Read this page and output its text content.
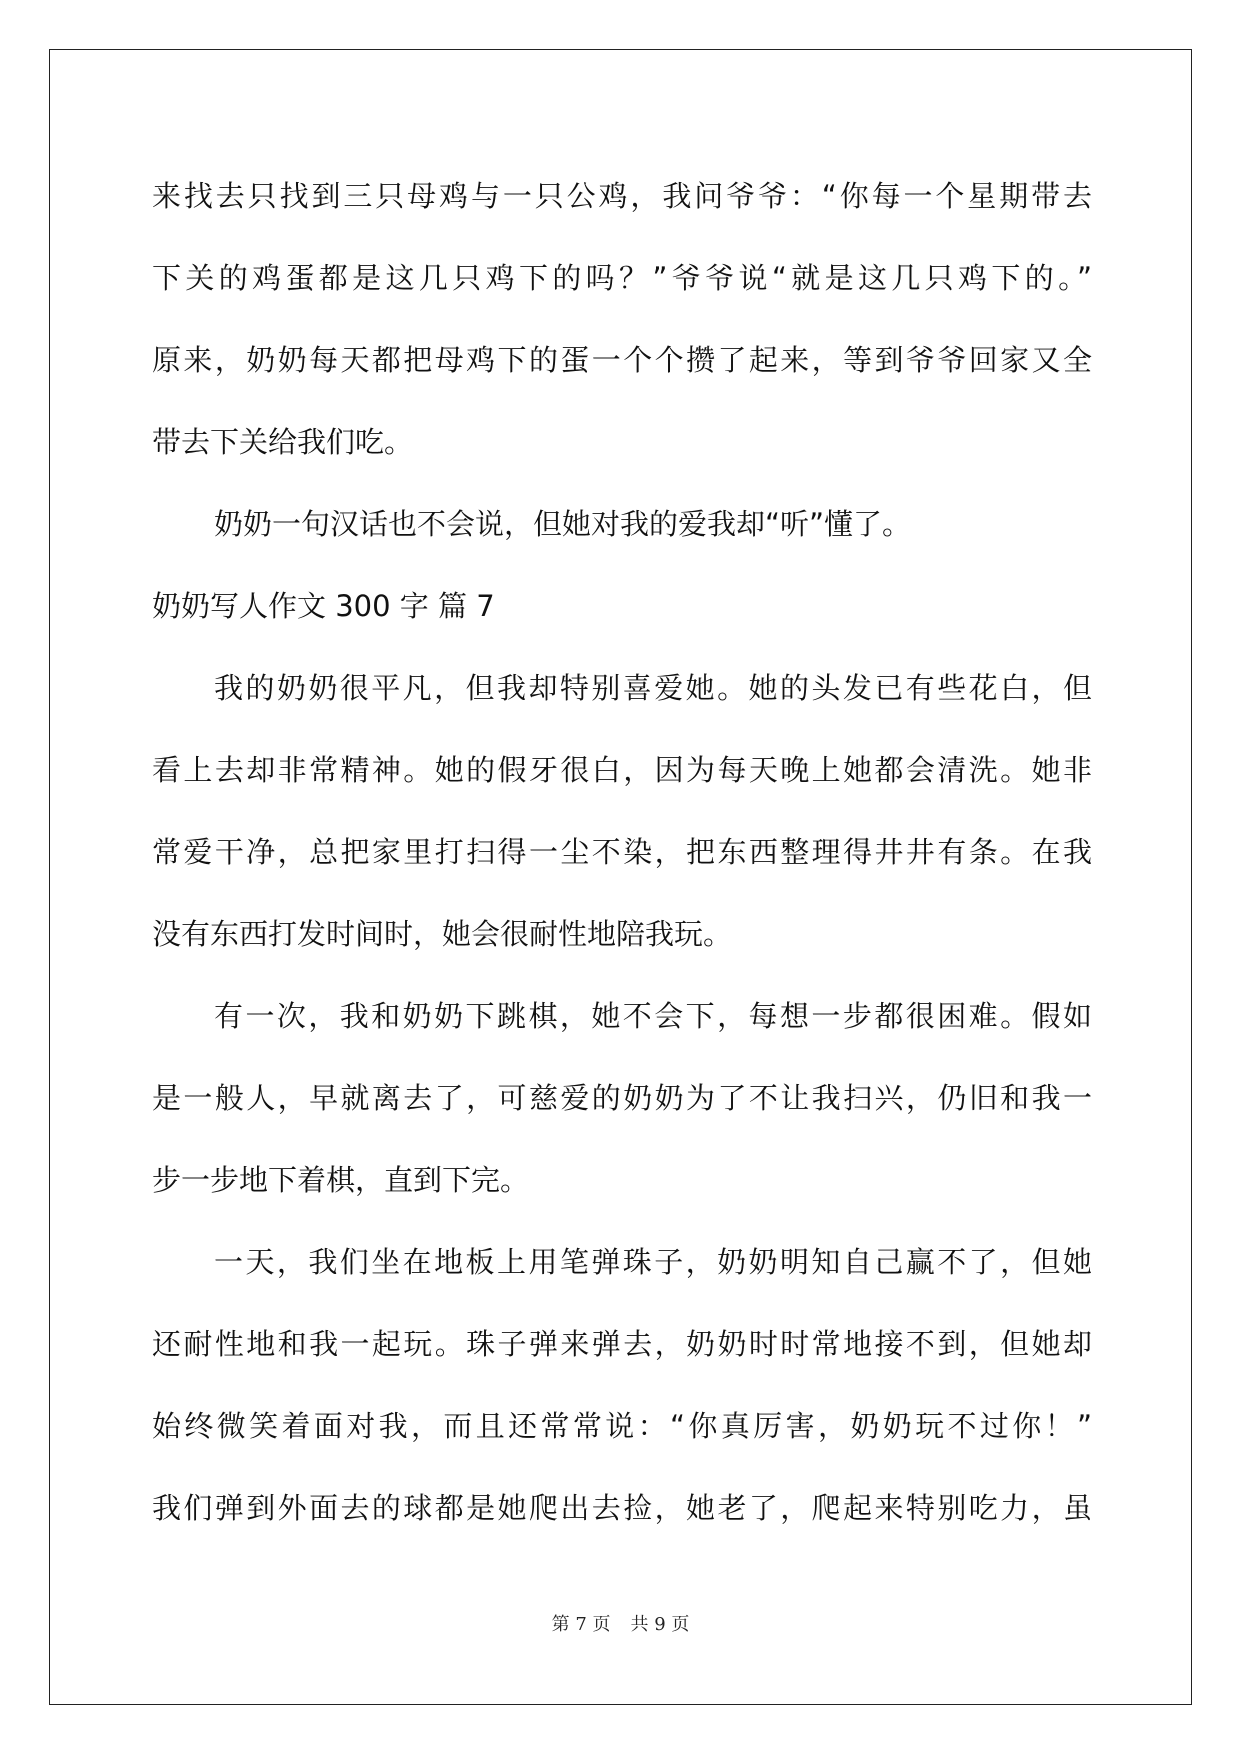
来找去只找到三只母鸡与一只公鸡，我问爷爷：“你每一个星期带去
下关的鸡蛋都是这几只鸡下的吗？”爷爷说“就是这几只鸡下的。”
原来，奶奶每天都把母鸡下的蛋一个个攒了起来，等到爷爷回家又全
带去下关给我们吃。
奶奶一句汉话也不会说，但她对我的爱我却“听”懂了。
奶奶写人作文 300 字 篇 7
我的奶奶很平凡，但我却特别喜爱她。她的头发已有些花白，但
看上去却非常精神。她的假牙很白，因为每天晚上她都会清洗。她非
常爱干净，总把家里打扫得一尘不染，把东西整理得井井有条。在我
没有东西打发时间时，她会很耐性地陪我玩。
有一次，我和奶奶下跳棋，她不会下，每想一步都很困难。假如
是一般人，早就离去了，可慈爱的奶奶为了不让我扫兴，仍旧和我一
步一步地下着棋，直到下完。
一天，我们坐在地板上用笔弹珠子，奶奶明知自己赢不了，但她
还耐性地和我一起玩。珠子弹来弹去，奶奶时时常地接不到，但她却
始终微笑着面对我，而且还常常说：“你真厉害，奶奶玩不过你！”
我们弹到外面去的球都是她爬出去捡，她老了，爬起来特别吃力，虽
第 7 页 共 9 页
